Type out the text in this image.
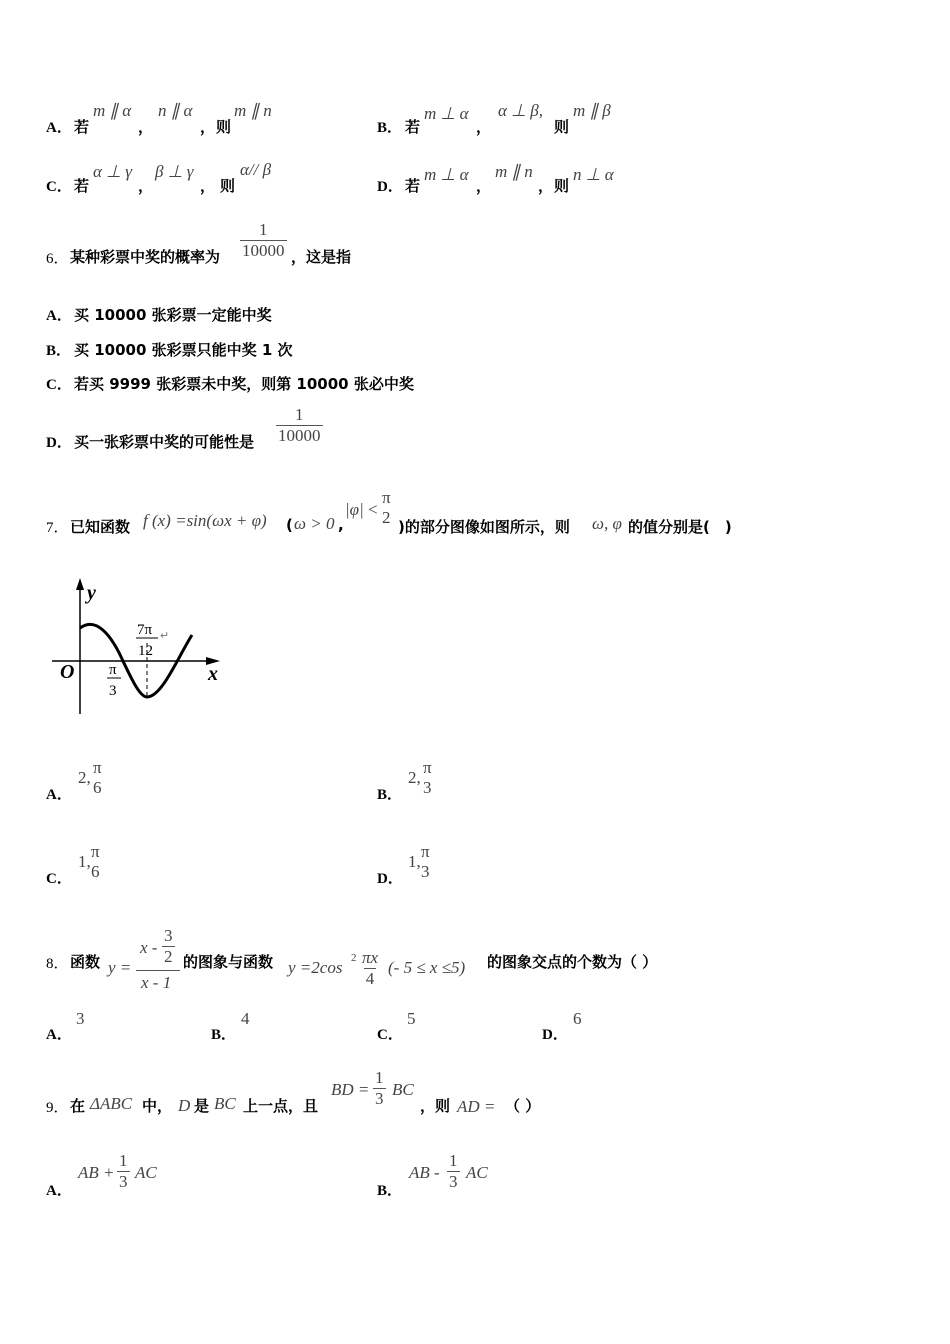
A． 若
m ∥ α
，
n ∥ α
， 则
m ∥ n
B． 若
m ⊥ α
，
α ⊥ β,
则
m ∥ β
C． 若
α ⊥ γ
，
β ⊥ γ
， 则
α// β
D． 若
m ⊥ α
，
m ∥ n
， 则
n ⊥ α
6． 某种彩票中奖的概率为 $\frac{1}{10000}$ ，这是指
A． 买 10000 张彩票一定能中奖
B． 买 10000 张彩票只能中奖 1 次
C． 若买 9999 张彩票未中奖，则第 10000 张必中奖
D． 买一张彩票中奖的可能性是 $\frac{1}{10000}$
7． 已知函数 f (x) =sin(ωx + φ) ( ω > 0 ,
|φ| <
π
2 )的部分图像如图所示，则 ω, φ 的值分别是(　)
y
x
O
7π
12
↵
π
3
A．
2,
π
6	B．
2,
π
3
C．
1,
π
6	D．
1,
π
3
8． 函数 y =
x - $\frac{3}{2}$
x - 1
的图象与函数 y =2cos $2 \frac{\pi x}{4}$ (- 5 ≤ x ≤5) 的图象交点的个数为（ ）
A．
3
B．
4
C．
5
D．
6
9． 在 ΔABC 中， D 是 BC 上一点，且
BD = $\frac{1}{3}$ BC
，则 AD = （ ）
A．
AB + $\frac{1}{3}$ AC
B．
AB - $\frac{1}{3}$ AC
